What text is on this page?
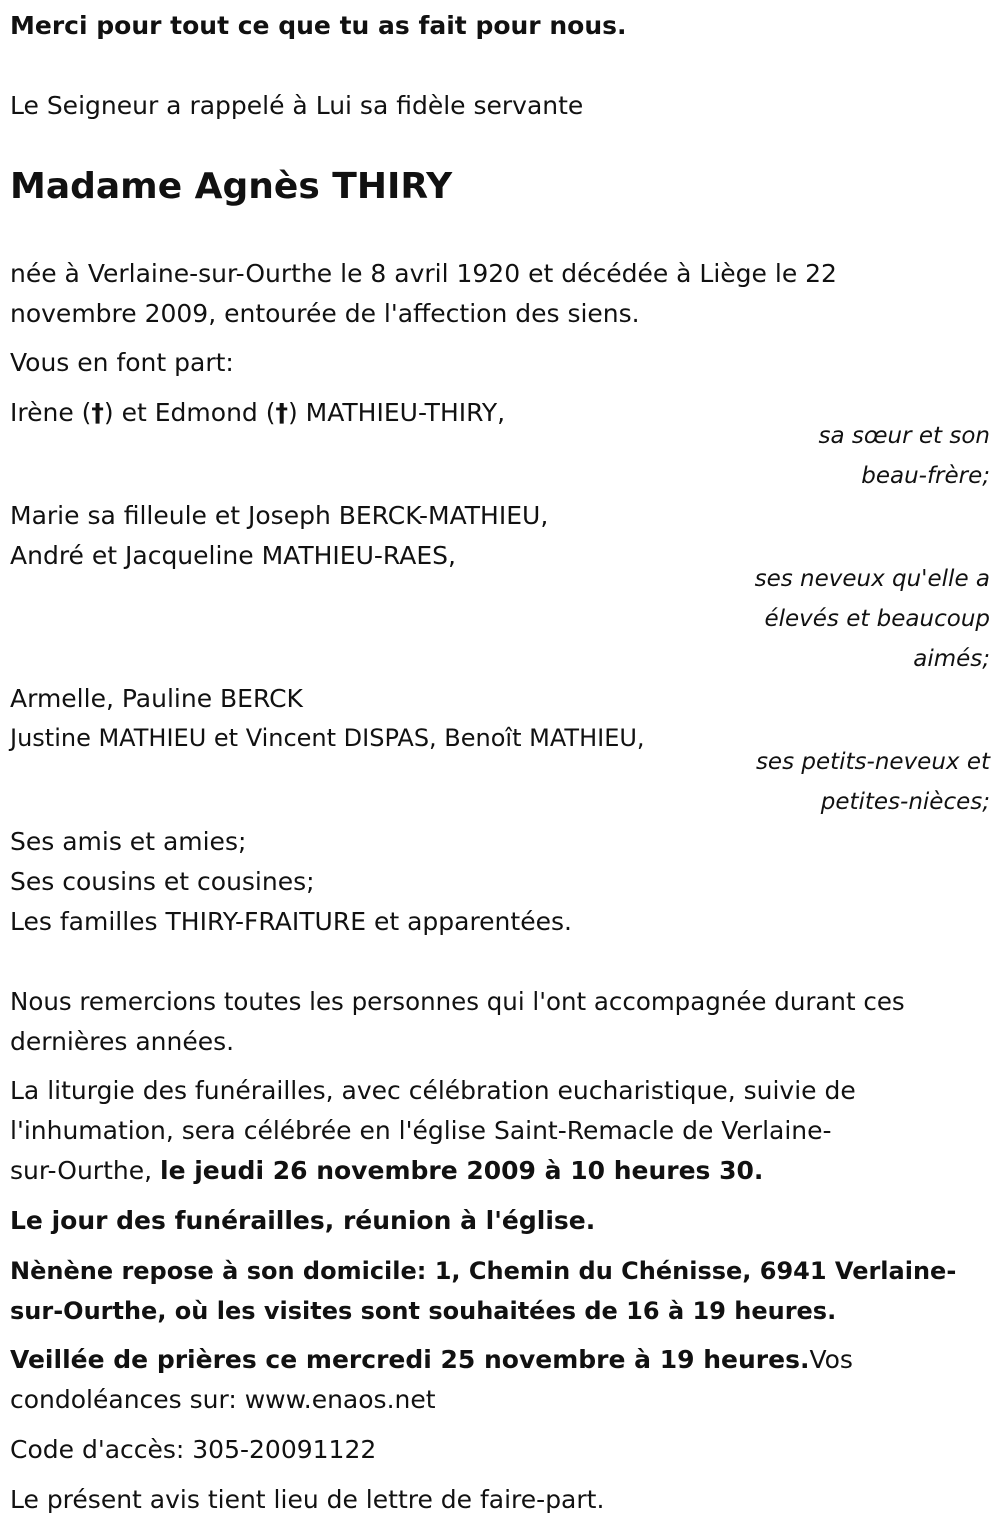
Merci pour tout ce que tu as fait pour nous.

Le Seigneur a rappelé à Lui sa fidèle servante

Madame Agnès THIRY

née à Verlaine-sur-Ourthe le 8 avril 1920 et décédée à Liège le 22

novembre 2009, entourée de l'affection des siens.

Vous en font part:

Irène (†) et Edmond (†) MATHIEU-THIRY,

sa sœur et son

beau-frère;

Marie sa filleule et Joseph BERCK-MATHIEU,

André et Jacqueline MATHIEU-RAES,

ses neveux qu'elle a

élevés et beaucoup

aimés;

Armelle, Pauline BERCK

Justine MATHIEU et Vincent DISPAS, Benoît MATHIEU,

ses petits-neveux et

petites-nièces;

Ses amis et amies;

Ses cousins et cousines;

Les familles THIRY-FRAITURE et apparentées.

Nous remercions toutes les personnes qui l'ont accompagnée durant ces

dernières années.

La liturgie des funérailles, avec célébration eucharistique, suivie de

l'inhumation, sera célébrée en l'église Saint-Remacle de Verlaine-

sur-Ourthe, le jeudi 26 novembre 2009 à 10 heures 30.

Le jour des funérailles, réunion à l'église.

Nènène repose à son domicile: 1, Chemin du Chénisse, 6941 Verlaine-

sur-Ourthe, où les visites sont souhaitées de 16 à 19 heures.

Veillée de prières ce mercredi 25 novembre à 19 heures.Vos

condoléances sur: www.enaos.net

Code d'accès: 305-20091122

Le présent avis tient lieu de lettre de faire-part.
